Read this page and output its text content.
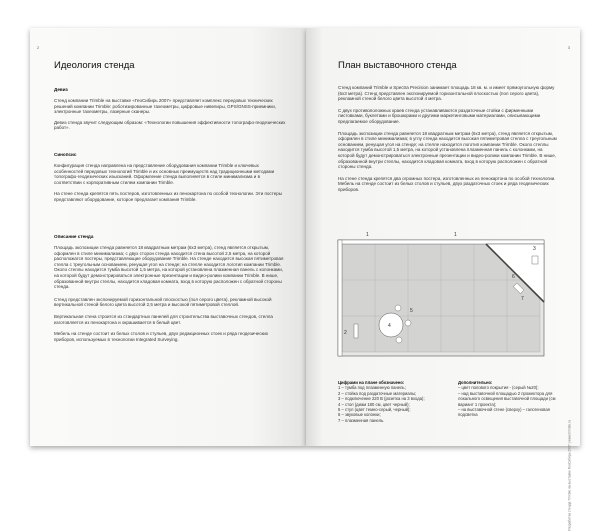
2
Идеология стенда
Девиз

Стенд компании Trimble на выставке «ГеоСибирь 2007» представляет комплекс передовых технических решений компании Trimble: роботизированные тахеометры, цифровые нивелиры, GPS/GNSS-приемники, электронные тахеометры, лазерные сканеры.

Девиз стенда звучит следующим образом: «Технологии повышения эффективности топографо-геодезических работ».

Синопсис

Конфигурация стенда направлена на представление оборудования компании Trimble и ключевых особенностей передовых технологий Trimble и их основных преимуществ над традиционными методами топографо-геодезических изысканий. Оформление стенда выполняется в стиле минимализма и в соответствии с корпоративным стилем компании Trimble.

На стене стенда крепятся пять постеров, изготовленных из пенокартона по особой технологии. Эти постеры представляют оборудование, которое предлагает компания Trimble.

Описание стенда

Площадь экспозиции стенда равняется 18 квадратным метрам (6х3 метра), стенд является открытым, оформлен в стиле минимализма; с двух сторон стенда находится стена высотой 2,5 метра, на которой расположатся постеры, представляющие оборудование Trimble. На стенде находится высокая пятиметровая стелла с треугольным основанием, ренущая угол на стенде; на стелле находится логотип компании Trimble. Около стеллы находится тумба высотой 1,5 метра, на которой установлена плазменная панель с колонками, на которой будут демонстрироваться электронные презентации и видео-ролики компании Trimble. В нише, образованной внутри стеллы, находится кладовая комната, вход в которую расположен с обратной стороны стенда.

Стенд представлен экспонируемой горизонтальной плоскостью (пол серого цвета), рекламной высокой вертикальной стеной белого цвета высотой 2,5 метра и высокой пятиметровой стеллой.

Вертикальная стена строится из стандартных панелей для строительства выставочных стендов, стелла изготовляется из пенокартона и окрашивается в белый цвет.

Мебель на стенде состоит из белых столов и стульев, двух редакционных стоек и ряда геодезических приборов, используемых в технологии Integrated Surveying.

3
План выставочного стенда

Стенд компаний Trimble и Spectra Precision занимает площадь 18 кв. м. и имеет прямоугольную форму (6х3 метра). Стенд представлен экспонируемой горизонтальной плоскостью (пол серого цвета), рекламной стеной белого цвета высотой 4 метра.

С двух противоположных краев стенда устанавливаются раздаточные стойки с фирменными листовками, буклетами и брошюрами и другими маркетинговыми материалами, описывающими предлагаемое оборудование.

Площадь экспозиции стенда равняется 18 квадратным метрам (6х3 метра), стенд является открытым, оформлен в стиле минимализма; в углу стенда находится высокая пятиметровая стелла с треугольным основанием, ренущая угол на стенде; на стелле находится логотип компании Trimble. Около стеллы находится тумба высотой 1,5 метра, на которой установлена плазменная панель с колонками, на которой будут демонстрироваться электронные презентации и видео-ролики компании Trimble. В нише, образованной внутри стеллы, находится кладовая комната, вход в которую расположен с обратной стороны стенда.

На стене стенда крепятся два огромных постера, изготовленных из пенокартона по особой технологии. Мебель на стенде состоит из белых столов и стульев, двух раздаточных стоек и ряда геодезических приборов.

1	1
2
3
4
5
6
7

Цифрами на плане обозначено:

1 – тумба под плазменную панель;

2 – стойка под раздаточные материалы;

3 – подключение 220 В (розетка на 3 входа);

4 – стол (диам 180 см, цвет черный);

5 – стул (цвет темно-серый, черный);

6 – звуковые колонки;

7 – плазменная панель.

Дополнительно:

– цвет полового покрытия - (серый №20);

– над выставочной площадью 2 прожектора для локального освещения выставочной площади (см вариант 1 проекта);

– на выставочной стене (сверху) – галогеновая подсветка

Разработка стенда Trimble на выставке ГеоСибирь 2007 | www.trimble.ru
